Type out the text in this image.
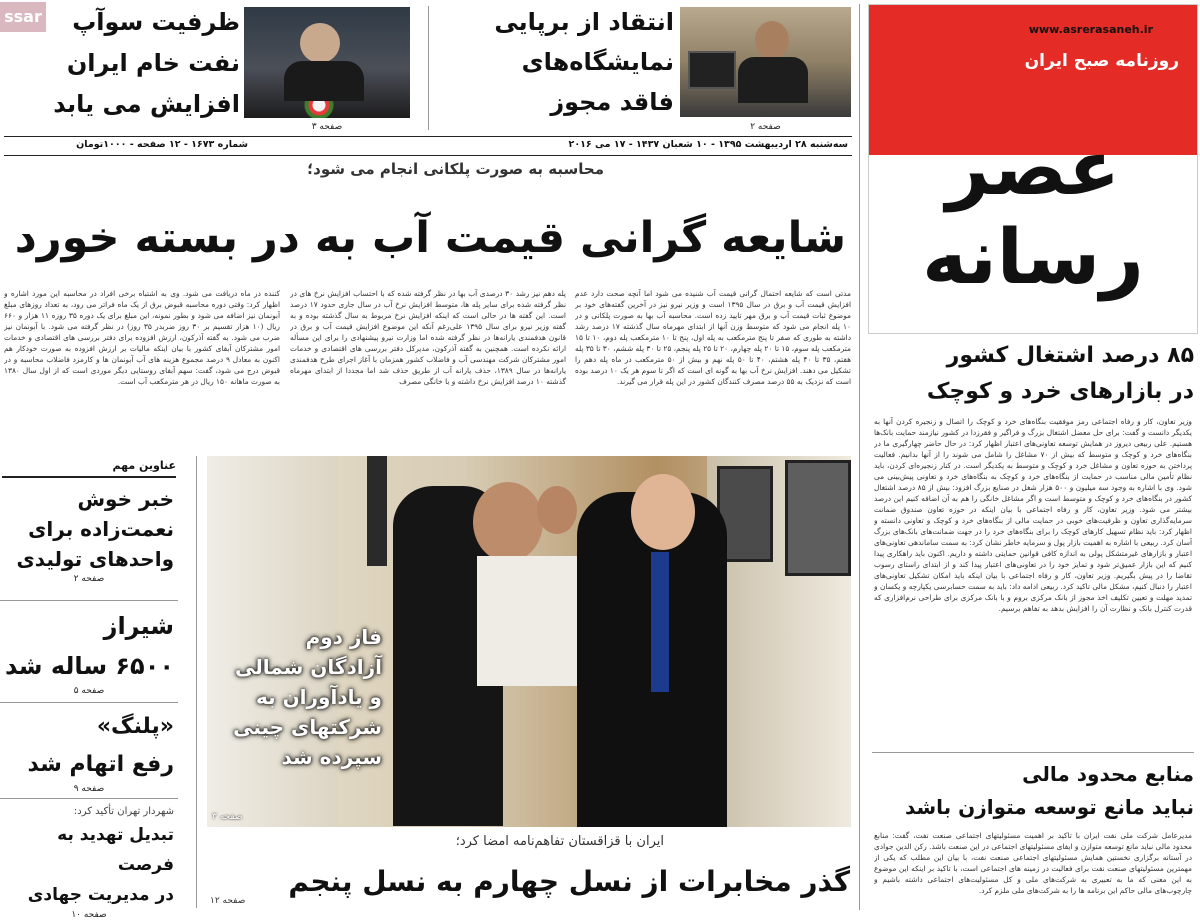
ssar	ظرفیت سوآپ
نفت خام ایران
افزایش می یابد
صفحه ۳
انتقاد از برپایی
نمایشگاه‌های
فاقد مجوز
صفحه ۲
شماره ۱۶۷۳ - ۱۲ صفحه - ۱۰۰۰تومان	سه‌شنبه ۲۸ اردیبهشت ۱۳۹۵ - ۱۰ شعبان ۱۴۳۷ - ۱۷ می ۲۰۱۶
www.asrerasaneh.ir
روزنامه صبح ایران
عصر رسانه
محاسبه به صورت پلکانی انجام می شود؛
شایعه گرانی قیمت آب به در بسته خورد
مدتی است که شایعه احتمال گرانی قیمت آب شنیده می شود اما آنچه صحت دارد عدم افزایش قیمت آب و برق در سال ۱۳۹۵ است و وزیر نیرو نیز در آخرین گفته‌های خود بر موضوع ثبات قیمت آب و برق مهر تایید زده است. محاسبه آب بها به صورت پلکانی و در ۱۰ پله انجام می شود که متوسط وزن آنها از ابتدای مهرماه سال گذشته ۱۷ درصد رشد داشته به طوری که صفر تا پنج مترمکعب به پله اول، پنج تا ۱۰ مترمکعب پله دوم، ۱۰ تا ۱۵ مترمکعب پله سوم، ۱۵ تا ۲۰ پله چهارم، ۲۰ تا ۲۵ پله پنجم، ۲۵ تا ۳۰ پله ششم، ۳۰ تا ۳۵ پله هفتم، ۳۵ تا ۴۰ پله هشتم، ۴۰ تا ۵۰ پله نهم و بیش از ۵۰ مترمکعب در ماه پله دهم را تشکیل می دهند. افزایش نرخ آب بها به گونه ای است که اگر تا سوم هر یک ۱۰ درصد بوده است که نزدیک به ۵۵ درصد مصرف کنندگان کشور در این پله قرار می گیرند.
پله دهم نیز رشد ۳۰ درصدی آب بها در نظر گرفته شده که با احتساب افزایش نرخ های در نظر گرفته شده برای سایر پله ها، متوسط افزایش نرخ آب در سال جاری حدود ۱۷ درصد است. این گفته ها در حالی است که اینکه افزایش نرخ مربوط به سال گذشته بوده و به گفته وزیر نیرو برای سال ۱۳۹۵ علی‌رغم آنکه این موضوع افزایش قیمت آب و برق در قانون هدفمندی یارانه‌ها در نظر گرفته شده اما وزارت نیرو پیشنهادی را برای این مسأله ارائه نکرده است. همچنین به گفته آذرکون، مدیرکل دفتر بررسی های اقتصادی و خدمات امور مشترکان شرکت مهندسی آب و فاضلاب کشور همزمان با آغاز اجرای طرح هدفمندی یارانه‌ها در سال ۱۳۸۹، حذف یارانه آب از طریق حذف شد اما مجددا از ابتدای مهرماه گذشته ۱۰ درصد افزایش نرخ داشته و با خانگی مصرف
کننده در ماه دریافت می شود. وی به اشتباه برخی افراد در محاسبه این مورد اشاره و اظهار کرد: وقتی دوره محاسبه قبوض برق از یک ماه فراتر می رود، به تعداد روزهای مبلغ آبونمان نیز اضافه می شود و بطور نمونه، این مبلغ برای یک دوره ۳۵ روزه ۱۱ هزار و ۶۶۰ ریال (۱۰ هزار تقسیم بر ۳۰ روز ضربدر ۳۵ روز) در نظر گرفته می شود. با آبونمان نیز ضرب می شود. به گفته آذرکون، ارزش افزوده برای دفتر بررسی های اقتصادی و خدمات امور مشترکان آبفای کشور با بیان اینکه مالیات بر ارزش افزوده به صورت خودکار هم اکنون به معادل ۹ درصد مجموع هزینه های آب آبونمان ها و کارمزد فاضلاب محاسبه و در قبوض درج می شود، گفت: سهم آبفای روستایی دیگر موردی است که از اول سال ۱۳۸۰ به صورت ماهانه ۱۵۰ ریال در هر مترمکعب آب است.
فاز دوم
آزادگان شمالی
و یادآوران به
شرکتهای چینی
سپرده شد
صفحه ۳
ایران با قزاقستان تفاهم‌نامه امضا کرد؛
گذر مخابرات از نسل چهارم به نسل پنجم
صفحه ۱۲
عناوین مهم
خبر خوش
نعمت‌زاده برای
واحدهای تولیدی
صفحه ۲
شیراز
۶۵۰۰ ساله شد
صفحه ۵
«پلنگ»
رفع اتهام شد
صفحه ۹
شهردار تهران تأکید کرد:
تبدیل تهدید به فرصت
در مدیریت جهادی
صفحه ۱۰
۸۵ درصد اشتغال کشور
در بازارهای خرد و کوچک
وزیر تعاون، کار و رفاه اجتماعی رمز موفقیت بنگاه‌های خرد و کوچک را اتصال و زنجیره کردن آنها به یکدیگر دانست و گفت: برای حل معضل اشتغال بزرگ و فراگیر و فقرزدا در کشور نیازمند حمایت بانک‌ها هستیم. علی ربیعی دیروز در همایش توسعه تعاونی‌های اعتبار اظهار کرد: در حال حاضر چهارگیری ما در بنگاه‌های خرد و کوچک و متوسط که بیش از ۷۰ مشاغل را شامل می شوند را از آنها بدانیم. فعالیت پرداختن به حوزه تعاون و مشاغل خرد و کوچک و متوسط به یکدیگر است. در کنار زنجیره‌ای کردن، باید نظام تأمین مالی مناسب در حمایت از بنگاه‌های خرد و کوچک به بنگاه‌های خرد و تعاونی پیش‌بینی می شود. وی با اشاره به وجود سه میلیون و ۵۰۰ هزار شغل در صنایع بزرگ افزود: بیش از ۸۵ درصد اشتغال کشور در بنگاه‌های خرد و کوچک و متوسط است و اگر مشاغل خانگی را هم به آن اضافه کنیم این درصد بیشتر می شود. وزیر تعاون، کار و رفاه اجتماعی با بیان اینکه در حوزه تعاون صندوق ضمانت سرمایه‌گذاری تعاون و ظرفیت‌های خوبی در حمایت مالی از بنگاه‌های خرد و کوچک و تعاونی دانسته و اظهار کرد: باید نظام تسهیل کارهای کوچک را برای بنگاه‌های خرد را در جهت ضمانت‌های بانک‌های بزرگ آسان کرد. ربیعی با اشاره به اهمیت بازار پول و سرمایه خاطر نشان کرد: به سمت ساماندهی تعاونی‌های اعتبار و بازارهای غیرمتشکل پولی به اندازه کافی قوانین حمایتی داشته و داریم. اکنون باید راهکاری پیدا کنیم که این بازار عمیق‌تر شود و تمایز خود را در تعاونی‌های اعتبار پیدا کند و از ابتدای راستای رسوب تقاضا را در پیش بگیریم. وزیر تعاون، کار و رفاه اجتماعی با بیان اینکه باید امکان تشکیل تعاونی‌های اعتبار را دنبال کنیم، مشکل مالی تاکید کرد. ربیعی ادامه داد: باید به سمت حسابرسی یکپارچه و یکسان و تمدید مهلت و تعیین تکلیف اخذ مجوز از بانک مرکزی بروم و با بانک مرکزی برای طراحی نرم‌افزاری که قدرت کنترل بانک و نظارت آن را افزایش بدهد به تفاهم برسیم.
منابع محدود مالی
نباید مانع توسعه متوازن باشد
مدیرعامل شرکت ملی نفت ایران با تاکید بر اهمیت مسئولیتهای اجتماعی صنعت نفت، گفت: منابع محدود مالی نباید مانع توسعه متوازن و ایفای مسئولیتهای اجتماعی در این صنعت باشد. رکن الدین جوادی در آستانه برگزاری نخستین همایش مسئولیتهای اجتماعی صنعت نفت، با بیان این مطلب که یکی از مهمترین مسئولیتهای صنعت نفت برای فعالیت در زمینه های اجتماعی است، با تاکید بر اینکه این موضوع به این معنی که ما به تعبیری به شرکت‌های ملی و کل مسئولیت‌های اجتماعی داشته باشیم و چارچوب‌های مالی حاکم این برنامه ها را به شرکت‌های ملی ملزم کرد.
